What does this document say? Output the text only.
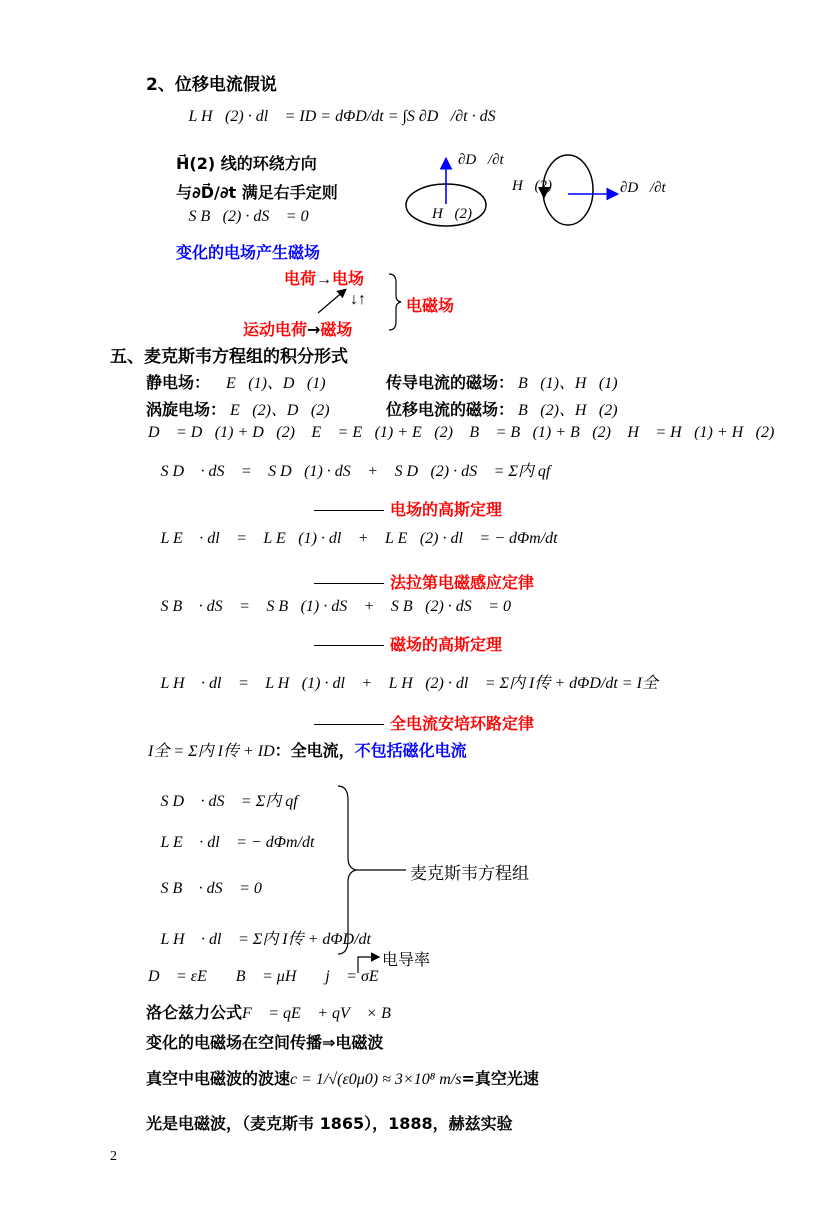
2、位移电流假说
∮L H⃗(2) · dl⃗ = ID = dΦD/dt = ∫S ∂D⃗/∂t · dS⃗
H⃗(2) 线的环绕方向
与∂D⃗/∂t 满足右手定则
∮S B⃗(2) · dS⃗ = 0
变化的电场产生磁场
∂D⃗/∂t
H⃗(2)
H⃗(2)	∂D⃗/∂t
电荷→电场
↓↑	电磁场
运动电荷→磁场
五、麦克斯韦方程组的积分形式
静电场： E⃗(1)、D⃗(1)，	传导电流的磁场： B⃗(1)、H⃗(1)
涡旋电场： E⃗(2)、D⃗(2)，	位移电流的磁场： B⃗(2)、H⃗(2)
D⃗ = D⃗(1) + D⃗(2)， E⃗ = E⃗(1) + E⃗(2)， B⃗ = B⃗(1) + B⃗(2)， H⃗ = H⃗(1) + H⃗(2)
∮S D⃗ · dS⃗ = ∮S D⃗(1) · dS⃗ + ∮S D⃗(2) · dS⃗ = Σ内 qf
电场的高斯定理
∮L E⃗ · dl⃗ = ∮L E⃗(1) · dl⃗ + ∮L E⃗(2) · dl⃗ = − dΦm/dt
法拉第电磁感应定律
∮S B⃗ · dS⃗ = ∮S B⃗(1) · dS⃗ + ∮S B⃗(2) · dS⃗ = 0
磁场的高斯定理
∮L H⃗ · dl⃗ = ∮L H⃗(1) · dl⃗ + ∮L H⃗(2) · dl⃗ = Σ内 I传 + dΦD/dt = I全
全电流安培环路定律
I全 = Σ内 I传 + ID：全电流，不包括磁化电流
∮S D⃗ · dS⃗ = Σ内 qf
∮L E⃗ · dl⃗ = − dΦm/dt
∮S B⃗ · dS⃗ = 0
∮L H⃗ · dl⃗ = Σ内 I传 + dΦD/dt
麦克斯韦方程组
D⃗ = εE⃗， B⃗ = μH⃗， j⃗ = σE⃗
电导率
洛仑兹力公式F⃗ = qE⃗ + qV⃗ × B⃗
变化的电磁场在空间传播⇒电磁波
真空中电磁波的波速c = 1/√(ε0μ0) ≈ 3×10⁸ m/s=真空光速
光是电磁波，（麦克斯韦 1865），1888，赫兹实验
2
